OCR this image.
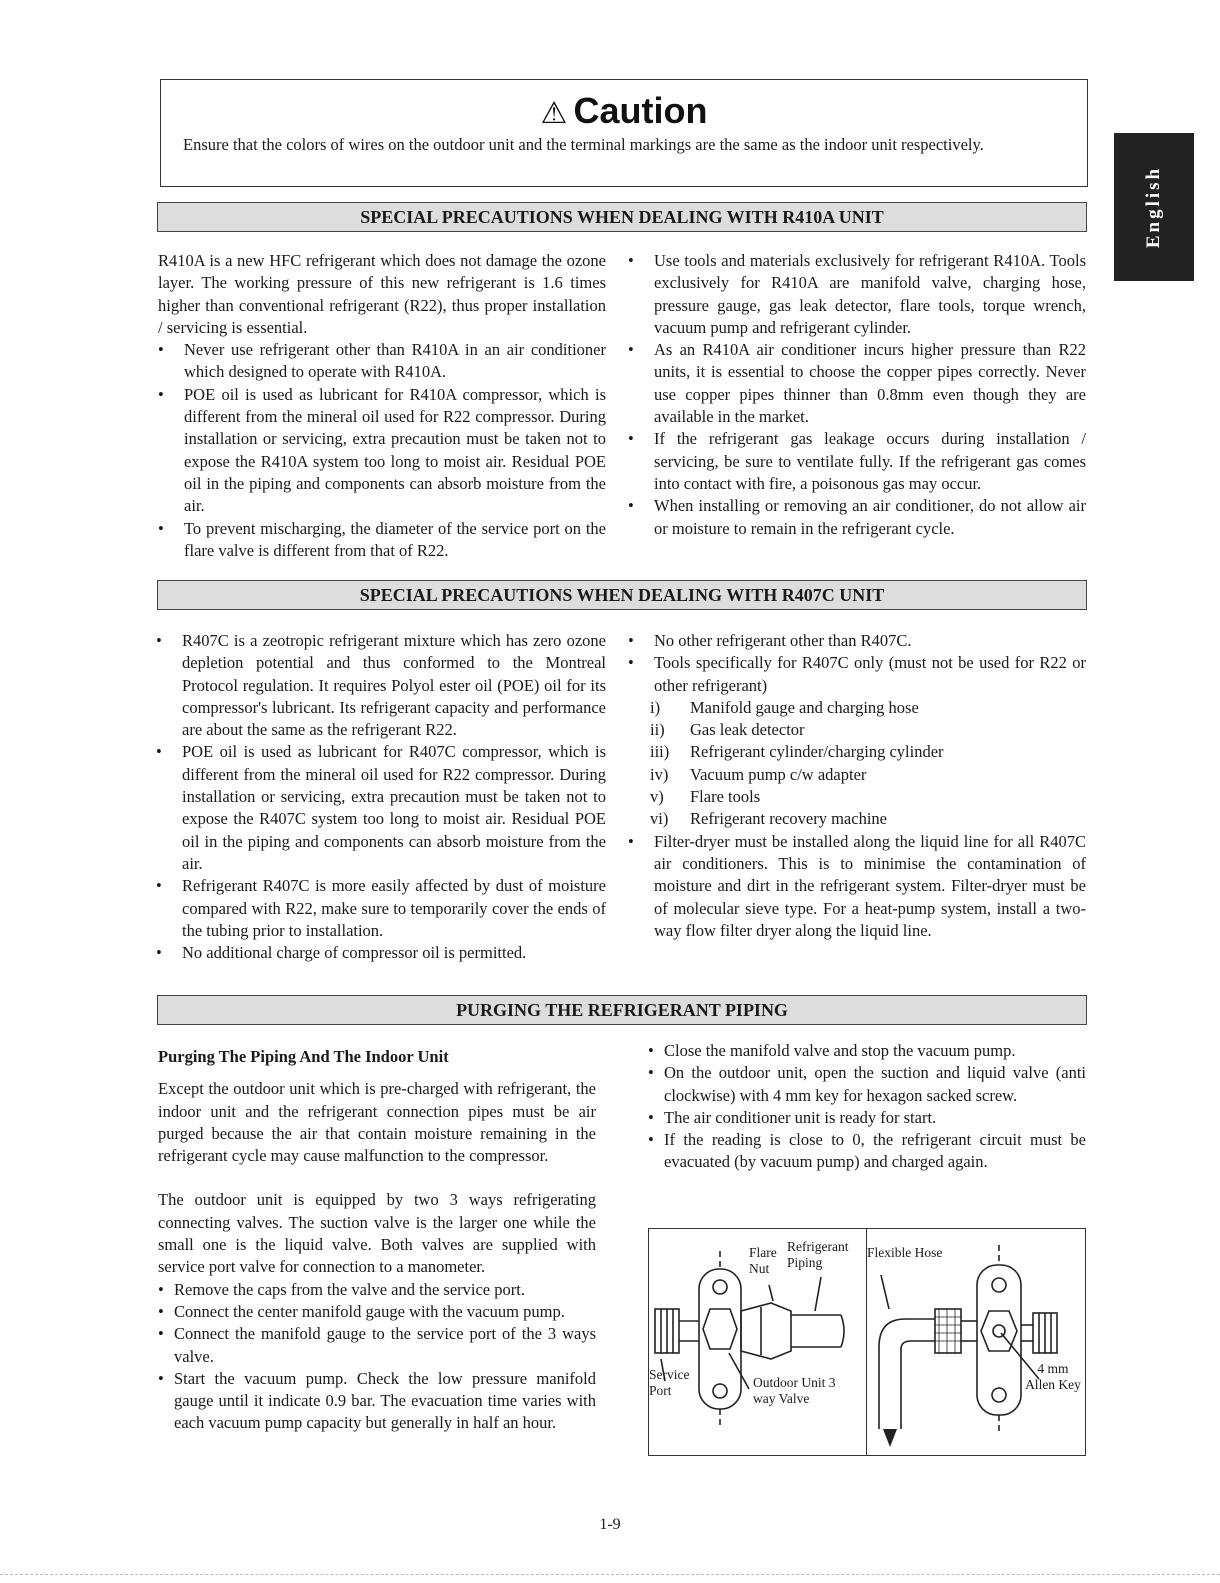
⚠ Caution
Ensure that the colors of wires on the outdoor unit and the terminal markings are the same as the indoor unit respectively.
English
SPECIAL PRECAUTIONS WHEN DEALING WITH R410A UNIT

R410A is a new HFC refrigerant which does not damage the ozone layer. The working pressure of this new refrigerant is 1.6 times higher than conventional refrigerant (R22), thus proper installation / servicing is essential.

• Never use refrigerant other than R410A in an air conditioner which designed to operate with R410A.

• POE oil is used as lubricant for R410A compressor, which is different from the mineral oil used for R22 compressor. During installation or servicing, extra precaution must be taken not to expose the R410A system too long to moist air. Residual POE oil in the piping and components can absorb moisture from the air.

• To prevent mischarging, the diameter of the service port on the flare valve is different from that of R22.

• Use tools and materials exclusively for refrigerant R410A. Tools exclusively for R410A are manifold valve, charging hose, pressure gauge, gas leak detector, flare tools, torque wrench, vacuum pump and refrigerant cylinder.

• As an R410A air conditioner incurs higher pressure than R22 units, it is essential to choose the copper pipes correctly. Never use copper pipes thinner than 0.8mm even though they are available in the market.

• If the refrigerant gas leakage occurs during installation / servicing, be sure to ventilate fully. If the refrigerant gas comes into contact with fire, a poisonous gas may occur.

• When installing or removing an air conditioner, do not allow air or moisture to remain in the refrigerant cycle.

SPECIAL PRECAUTIONS WHEN DEALING WITH R407C UNIT

• R407C is a zeotropic refrigerant mixture which has zero ozone depletion potential and thus conformed to the Montreal Protocol regulation. It requires Polyol ester oil (POE) oil for its compressor's lubricant. Its refrigerant capacity and performance are about the same as the refrigerant R22.

• POE oil is used as lubricant for R407C compressor, which is different from the mineral oil used for R22 compressor. During installation or servicing, extra precaution must be taken not to expose the R407C system too long to moist air. Residual POE oil in the piping and components can absorb moisture from the air.

• Refrigerant R407C is more easily affected by dust of moisture compared with R22, make sure to temporarily cover the ends of the tubing prior to installation.

• No additional charge of compressor oil is permitted.

• No other refrigerant other than R407C.

• Tools specifically for R407C only (must not be used for R22 or other refrigerant)

i)	Manifold gauge and charging hose
ii)	Gas leak detector
iii)	Refrigerant cylinder/charging cylinder
iv)	Vacuum pump c/w adapter
v)	Flare tools
vi)	Refrigerant recovery machine

• Filter-dryer must be installed along the liquid line for all R407C air conditioners. This is to minimise the contamination of moisture and dirt in the refrigerant system. Filter-dryer must be of molecular sieve type. For a heat-pump system, install a two-way flow filter dryer along the liquid line.

PURGING THE REFRIGERANT PIPING

Purging The Piping And The Indoor Unit

Except the outdoor unit which is pre-charged with refrigerant, the indoor unit and the refrigerant connection pipes must be air purged because the air that contain moisture remaining in the refrigerant cycle may cause malfunction to the compressor.

The outdoor unit is equipped by two 3 ways refrigerating connecting valves. The suction valve is the larger one while the small one is the liquid valve. Both valves are supplied with service port valve for connection to a manometer.

• Remove the caps from the valve and the service port.

• Connect the center manifold gauge with the vacuum pump.

• Connect the manifold gauge to the service port of the 3 ways valve.

• Start the vacuum pump. Check the low pressure manifold gauge until it indicate 0.9 bar. The evacuation time varies with each vacuum pump capacity but generally in half an hour.

• Close the manifold valve and stop the vacuum pump.

• On the outdoor unit, open the suction and liquid valve (anti clockwise) with 4 mm key for hexagon sacked screw.

• The air conditioner unit is ready for start.

• If the reading is close to 0, the refrigerant circuit must be evacuated (by vacuum pump) and charged again.

Flare Nut
Refrigerant Piping
Flexible Hose
Service Port
Outdoor Unit 3 way Valve
4 mm Allen Key
1-9
